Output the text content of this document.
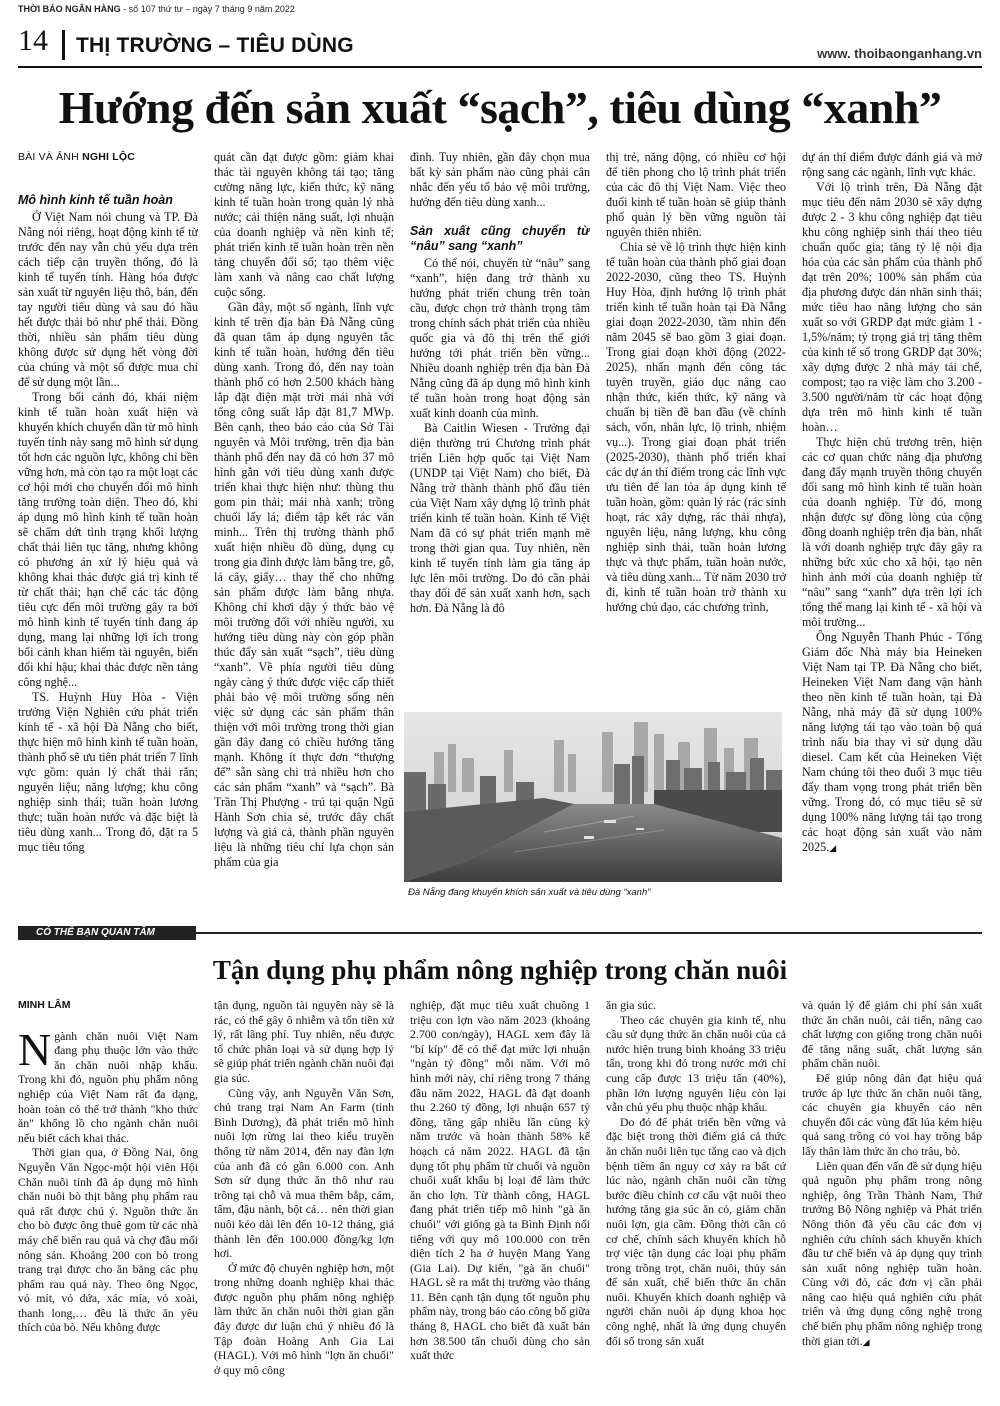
THỜI BÁO NGÂN HÀNG - số 107 thứ tư – ngày 7 tháng 9 năm 2022
14 THỊ TRƯỜNG – TIÊU DÙNG	www. thoibaonganhang.vn
Hướng đến sản xuất “sạch”, tiêu dùng “xanh”
BÀI VÀ ẢNH NGHI LỘC
Mô hình kinh tế tuần hoàn

Ở Việt Nam nói chung và TP. Đà Nẵng nói riêng, hoạt động kinh tế từ trước đến nay vẫn chủ yếu dựa trên cách tiếp cận truyền thống, đó là kinh tế tuyến tính. Hàng hóa được sản xuất từ nguyên liệu thô, bán, đến tay người tiêu dùng và sau đó hầu hết được thải bỏ như phế thải. Đồng thời, nhiều sản phẩm tiêu dùng không được sử dụng hết vòng đời của chúng và một số được mua chỉ để sử dụng một lần...

Trong bối cảnh đó, khái niệm kinh tế tuần hoàn xuất hiện và khuyến khích chuyển dần từ mô hình tuyến tính này sang mô hình sử dụng tốt hơn các nguồn lực, không chỉ bền vững hơn, mà còn tạo ra một loạt các cơ hội mới cho chuyển đổi mô hình tăng trưởng toàn diện. Theo đó, khi áp dụng mô hình kinh tế tuần hoàn sẽ chấm dứt tình trạng khối lượng chất thải liên tục tăng, nhưng không có phương án xử lý hiệu quả và không khai thác được giá trị kinh tế từ chất thải; hạn chế các tác động tiêu cực đến môi trường gây ra bởi mô hình kinh tế tuyến tính đang áp dụng, mang lại những lợi ích trong bối cảnh khan hiếm tài nguyên, biến đổi khí hậu; khai thác được nền tảng công nghệ...

TS. Huỳnh Huy Hòa - Viện trưởng Viện Nghiên cứu phát triển kinh tế - xã hội Đà Nẵng cho biết, thực hiện mô hình kinh tế tuần hoàn, thành phố sẽ ưu tiên phát triển 7 lĩnh vực gồm: quản lý chất thải rắn; nguyên liệu; năng lượng; khu công nghiệp sinh thái; tuần hoàn lương thực; tuần hoàn nước và đặc biệt là tiêu dùng xanh... Trong đó, đặt ra 5 mục tiêu tổng

quát cần đạt được gồm: giảm khai thác tài nguyên không tái tạo; tăng cường năng lực, kiến thức, kỹ năng kinh tế tuần hoàn trong quản lý nhà nước; cải thiện năng suất, lợi nhuận của doanh nghiệp và nền kinh tế; phát triển kinh tế tuần hoàn trên nền tảng chuyển đổi số; tạo thêm việc làm xanh và nâng cao chất lượng cuộc sống.

Gần đây, một số ngành, lĩnh vực kinh tế trên địa bàn Đà Nẵng cũng đã quan tâm áp dụng nguyên tắc kinh tế tuần hoàn, hướng đến tiêu dùng xanh. Trong đó, đến nay toàn thành phố có hơn 2.500 khách hàng lắp đặt điện mặt trời mái nhà với tổng công suất lắp đặt 81,7 MWp. Bên cạnh, theo báo cáo của Sở Tài nguyên và Môi trường, trên địa bàn thành phố đến nay đã có hơn 37 mô hình gắn với tiêu dùng xanh được triển khai thực hiện như: thùng thu gom pin thải; mái nhà xanh; trồng chuối lấy lá; điểm tập kết rác văn minh... Trên thị trường thành phố xuất hiện nhiều đồ dùng, dụng cụ trong gia đình được làm bằng tre, gỗ, lá cây, giấy… thay thế cho những sản phẩm được làm bằng nhựa. Không chỉ khơi dậy ý thức bảo vệ môi trường đối với nhiều người, xu hướng tiêu dùng này còn góp phần thúc đẩy sản xuất “sạch”, tiêu dùng “xanh”. Về phía người tiêu dùng ngày càng ý thức được việc cấp thiết phải bảo vệ môi trường sống nên việc sử dụng các sản phẩm thân thiện với môi trường trong thời gian gần đây đang có chiều hướng tăng mạnh. Không ít thực đơn “thượng đế” sẵn sàng chi trả nhiều hơn cho các sản phẩm “xanh” và “sạch”. Bà Trần Thị Phượng - trú tại quận Ngũ Hành Sơn chia sẻ, trước đây chất lượng và giá cả, thành phần nguyên liệu là những tiêu chí lựa chọn sản phẩm của gia

đình. Tuy nhiên, gần đây chọn mua bất kỳ sản phẩm nào cũng phải cân nhắc đến yếu tố bảo vệ môi trường, hướng đến tiêu dùng xanh...

Sản xuất cũng chuyển từ “nâu” sang “xanh”

Có thể nói, chuyển từ “nâu” sang “xanh”, hiện đang trở thành xu hướng phát triển chung trên toàn cầu, được chọn trở thành trọng tâm trong chính sách phát triển của nhiều quốc gia và đô thị trên thế giới hướng tới phát triển bền vững... Nhiều doanh nghiệp trên địa bàn Đà Nẵng cũng đã áp dụng mô hình kinh tế tuần hoàn trong hoạt động sản xuất kinh doanh của mình.

Bà Caitlin Wiesen - Trưởng đại diện thường trú Chương trình phát triển Liên hợp quốc tại Việt Nam (UNDP tại Việt Nam) cho biết, Đà Nẵng trở thành thành phố đầu tiên của Việt Nam xây dựng lộ trình phát triển kinh tế tuần hoàn. Kinh tế Việt Nam đã có sự phát triển mạnh mẽ trong thời gian qua. Tuy nhiên, nền kinh tế tuyến tính làm gia tăng áp lực lên môi trường. Do đó cần phải thay đổi để sản xuất xanh hơn, sạch hơn. Đà Nẵng là đô

thị trẻ, năng động, có nhiều cơ hội để tiên phong cho lộ trình phát triển của các đô thị Việt Nam. Việc theo đuổi kinh tế tuần hoàn sẽ giúp thành phố quản lý bền vững nguồn tài nguyên thiên nhiên.

Chia sẻ về lộ trình thực hiện kinh tế tuần hoàn của thành phố giai đoạn 2022-2030, cũng theo TS. Huỳnh Huy Hòa, định hướng lộ trình phát triển kinh tế tuần hoàn tại Đà Nẵng giai đoạn 2022-2030, tầm nhìn đến năm 2045 sẽ bao gồm 3 giai đoạn. Trong giai đoạn khởi động (2022-2025), nhấn mạnh đến công tác tuyên truyền, giáo dục nâng cao nhận thức, kiến thức, kỹ năng và chuẩn bị tiền đề ban đầu (về chính sách, vốn, nhân lực, lộ trình, nhiệm vụ...). Trong giai đoạn phát triển (2025-2030), thành phố triển khai các dự án thí điểm trong các lĩnh vực ưu tiên để lan tỏa áp dụng kinh tế tuần hoàn, gồm: quản lý rác (rác sinh hoạt, rác xây dựng, rác thải nhựa), nguyên liệu, năng lượng, khu công nghiệp sinh thái, tuần hoàn lương thực và thực phẩm, tuần hoàn nước, và tiêu dùng xanh... Từ năm 2030 trở đi, kinh tế tuần hoàn trở thành xu hướng chủ đạo, các chương trình,

dự án thí điểm được đánh giá và mở rộng sang các ngành, lĩnh vực khác.

Với lộ trình trên, Đà Nẵng đặt mục tiêu đến năm 2030 sẽ xây dựng được 2 - 3 khu công nghiệp đạt tiêu khu công nghiệp sinh thái theo tiêu chuẩn quốc gia; tăng tỷ lệ nội địa hóa của các sản phẩm của thành phố đạt trên 20%; 100% sản phẩm của địa phương được dán nhãn sinh thái; mức tiêu hao năng lượng cho sản xuất so với GRDP đạt mức giảm 1 - 1,5%/năm; tỷ trọng giá trị tăng thêm của kinh tế số trong GRDP đạt 30%; xây dựng được 2 nhà máy tái chế, compost; tạo ra việc làm cho 3.200 - 3.500 người/năm từ các hoạt động dựa trên mô hình kinh tế tuần hoàn…

Thực hiện chủ trương trên, hiện các cơ quan chức năng địa phương đang đẩy mạnh truyền thông chuyển đổi sang mô hình kinh tế tuần hoàn của doanh nghiệp. Từ đó, mong nhận được sự đồng lòng của cộng đồng doanh nghiệp trên địa bàn, nhất là với doanh nghiệp trực đây gây ra những bức xúc cho xã hội, tạo nên hình ảnh mới của doanh nghiệp từ “nâu” sang “xanh” dựa trên lợi ích tổng thể mang lại kinh tế - xã hội và môi trường...

Ông Nguyễn Thanh Phúc - Tổng Giám đốc Nhà máy bia Heineken Việt Nam tại TP. Đà Nẵng cho biết, Heineken Việt Nam đang vận hành theo nền kinh tế tuần hoàn, tại Đà Nẵng, nhà máy đã sử dụng 100% năng lượng tái tạo vào toàn bộ quá trình nấu bia thay vì sử dụng dầu diesel. Cam kết của Heineken Việt Nam chúng tôi theo đuổi 3 mục tiêu đẩy tham vọng trong phát triển bền vững. Trong đó, có mục tiêu sẽ sử dụng 100% năng lượng tái tạo trong các hoạt động sản xuất vào năm 2025.◢

Đà Nẵng đang khuyến khích sản xuất và tiêu dùng “xanh”
CÓ THỂ BẠN QUAN TÂM
Tận dụng phụ phẩm nông nghiệp trong chăn nuôi
MINH LÂM

Ngành chăn nuôi Việt Nam đang phụ thuộc lớn vào thức ăn chăn nuôi nhập khẩu. Trong khi đó, nguồn phụ phẩm nông nghiệp của Việt Nam rất đa dạng, hoàn toàn có thể trở thành "kho thức ăn" khổng lồ cho ngành chăn nuôi nếu biết cách khai thác.

Thời gian qua, ở Đồng Nai, ông Nguyễn Văn Ngọc-một hội viên Hội Chăn nuôi tỉnh đã áp dụng mô hình chăn nuôi bò thịt bằng phụ phẩm rau quả rất được chú ý. Nguồn thức ăn cho bò được ông thuê gom từ các nhà máy chế biến rau quả và chợ đầu mối nông sản. Khoảng 200 con bò trong trang trại được cho ăn bằng các phụ phẩm rau quả này. Theo ông Ngọc, vỏ mít, vỏ dứa, xác mía, vỏ xoài, thanh long,… đều là thức ăn yêu thích của bò. Nếu không được

tận dụng, nguồn tài nguyên này sẽ là rác, có thể gây ô nhiễm và tốn tiền xử lý, rất lãng phí. Tuy nhiên, nếu được tổ chức phân loại và sử dụng hợp lý sẽ giúp phát triển ngành chăn nuôi đại gia súc.

Cũng vậy, anh Nguyễn Văn Sơn, chủ trang trại Nam An Farm (tỉnh Bình Dương), đã phát triển mô hình nuôi lợn rừng lai theo kiểu truyền thống từ năm 2014, đến nay đàn lợn của anh đã có gần 6.000 con. Anh Sơn sử dụng thức ăn thô như rau trồng tại chỗ và mua thêm bắp, cám, tấm, đậu nành, bột cá… nên thời gian nuôi kéo dài lên đến 10-12 tháng, giá thành lên đến 100.000 đồng/kg lợn hơi.

Ở mức độ chuyên nghiệp hơn, một trong những doanh nghiệp khai thác được nguồn phụ phẩm nông nghiệp làm thức ăn chăn nuôi thời gian gần đây được dư luận chú ý nhiều đó là Tập đoàn Hoàng Anh Gia Lai (HAGL). Với mô hình "lợn ăn chuối" ở quy mô công

nghiệp, đặt mục tiêu xuất chuồng 1 triệu con lợn vào năm 2023 (khoảng 2.700 con/ngày), HAGL xem đây là "bí kíp" để có thể đạt mức lợi nhuận "ngàn tỷ đồng" mỗi năm. Với mô hình mới này, chỉ riêng trong 7 tháng đầu năm 2022, HAGL đã đạt doanh thu 2.260 tỷ đồng, lợi nhuận 657 tỷ đồng, tăng gấp nhiều lần cùng kỳ năm trước và hoàn thành 58% kế hoạch cả năm 2022. HAGL đã tận dụng tốt phụ phẩm từ chuối và nguồn chuối xuất khẩu bị loại để làm thức ăn cho lợn. Từ thành công, HAGL đang phát triển tiếp mô hình "gà ăn chuối" với giống gà ta Bình Định nối tiếng với quy mô 100.000 con trên diện tích 2 ha ở huyện Mang Yang (Gia Lai). Dự kiến, "gà ăn chuối" HAGL sẽ ra mắt thị trường vào tháng 11. Bên cạnh tận dụng tốt nguồn phụ phẩm này, trong báo cáo công bố giữa tháng 8, HAGL cho biết đã xuất bán hơn 38.500 tấn chuối dùng cho sản xuất thức

ăn gia súc.

Theo các chuyên gia kinh tế, nhu cầu sử dụng thức ăn chăn nuôi của cả nước hiện trung bình khoảng 33 triệu tấn, trong khi đó trong nước mới chỉ cung cấp được 13 triệu tấn (40%), phần lớn lượng nguyên liệu còn lại vẫn chủ yếu phụ thuộc nhập khẩu.

Do đó để phát triển bền vững và đặc biệt trong thời điểm giá cả thức ăn chăn nuôi liên tục tăng cao và dịch bệnh tiềm ẩn nguy cơ xảy ra bất cứ lúc nào, ngành chăn nuôi cần từng bước điều chỉnh cơ cấu vật nuôi theo hướng tăng gia súc ăn cỏ, giảm chăn nuôi lợn, gia cầm. Đồng thời cần có cơ chế, chính sách khuyến khích hỗ trợ việc tận dụng các loại phụ phẩm trong trồng trọt, chăn nuôi, thủy sản để sản xuất, chế biến thức ăn chăn nuôi. Khuyến khích doanh nghiệp và người chăn nuôi áp dụng khoa học công nghệ, nhất là ứng dụng chuyển đổi số trong sản xuất

và quản lý để giảm chi phí sản xuất thức ăn chăn nuôi, cải tiến, nâng cao chất lượng con giống trong chăn nuôi để tăng năng suất, chất lượng sản phẩm chăn nuôi.

Để giúp nông dân đạt hiệu quả trước áp lực thức ăn chăn nuôi tăng, các chuyên gia khuyến cáo nên chuyển đổi các vùng đất lúa kém hiệu quả sang trồng cỏ voi hay trồng bắp lấy thân làm thức ăn cho trâu, bò.

Liên quan đến vấn đề sử dụng hiệu quả nguồn phụ phẩm trong nông nghiệp, ông Trần Thành Nam, Thứ trưởng Bộ Nông nghiệp và Phát triển Nông thôn đã yêu cầu các đơn vị nghiên cứu chính sách khuyến khích đầu tư chế biến và áp dụng quy trình sản xuất nông nghiệp tuần hoàn. Cùng với đó, các đơn vị cần phải nâng cao hiệu quả nghiên cứu phát triển và ứng dụng công nghệ trong chế biến phụ phẩm nông nghiệp trong thời gian tới.◢
